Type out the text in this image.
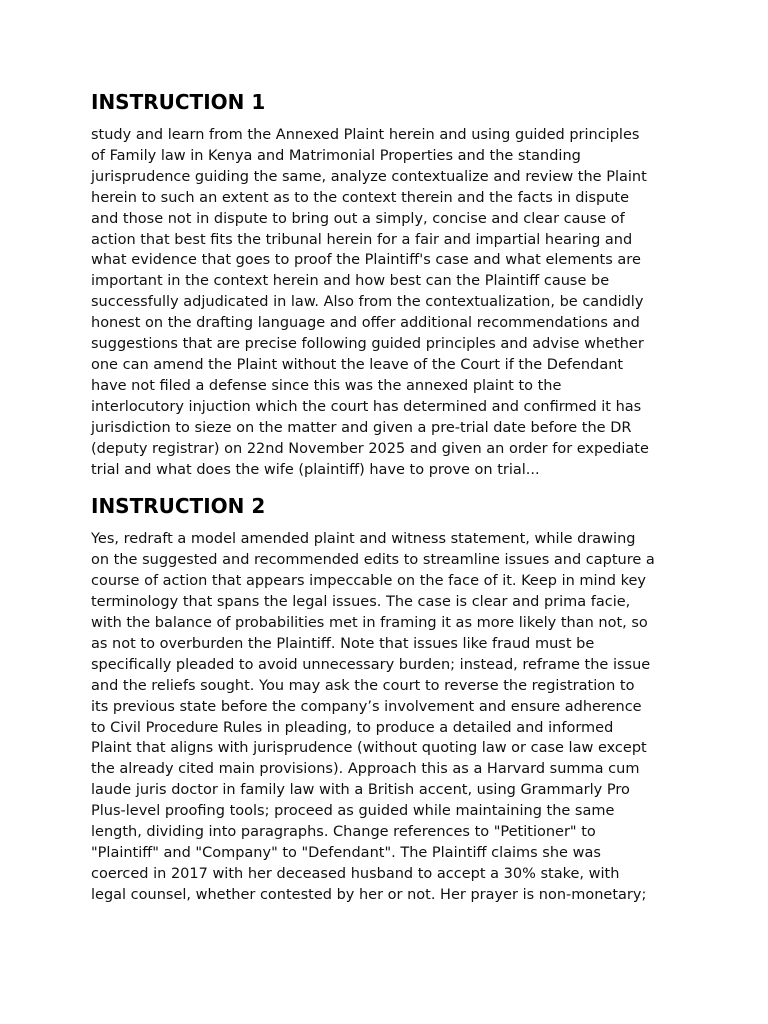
INSTRUCTION 1

study and learn from the Annexed Plaint herein and using guided principles
of Family law in Kenya and Matrimonial Properties and the standing
jurisprudence guiding the same, analyze contextualize and review the Plaint
herein to such an extent as to the context therein and the facts in dispute
and those not in dispute to bring out a simply, concise and clear cause of
action that best fits the tribunal herein for a fair and impartial hearing and
what evidence that goes to proof the Plaintiff's case and what elements are
important in the context herein and how best can the Plaintiff cause be
successfully adjudicated in law. Also from the contextualization, be candidly
honest on the drafting language and offer additional recommendations and
suggestions that are precise following guided principles and advise whether
one can amend the Plaint without the leave of the Court if the Defendant
have not filed a defense since this was the annexed plaint to the
interlocutory injuction which the court has determined and confirmed it has
jurisdiction to sieze on the matter and given a pre-trial date before the DR
(deputy registrar) on 22nd November 2025 and given an order for expediate
trial and what does the wife (plaintiff) have to prove on trial...

INSTRUCTION 2

Yes, redraft a model amended plaint and witness statement, while drawing
on the suggested and recommended edits to streamline issues and capture a
course of action that appears impeccable on the face of it. Keep in mind key
terminology that spans the legal issues. The case is clear and prima facie,
with the balance of probabilities met in framing it as more likely than not, so
as not to overburden the Plaintiff. Note that issues like fraud must be
specifically pleaded to avoid unnecessary burden; instead, reframe the issue
and the reliefs sought. You may ask the court to reverse the registration to
its previous state before the company’s involvement and ensure adherence
to Civil Procedure Rules in pleading, to produce a detailed and informed
Plaint that aligns with jurisprudence (without quoting law or case law except
the already cited main provisions). Approach this as a Harvard summa cum
laude juris doctor in family law with a British accent, using Grammarly Pro
Plus-level proofing tools; proceed as guided while maintaining the same
length, dividing into paragraphs. Change references to "Petitioner" to
"Plaintiff" and "Company" to "Defendant". The Plaintiff claims she was
coerced in 2017 with her deceased husband to accept a 30% stake, with
legal counsel, whether contested by her or not. Her prayer is non-monetary;
